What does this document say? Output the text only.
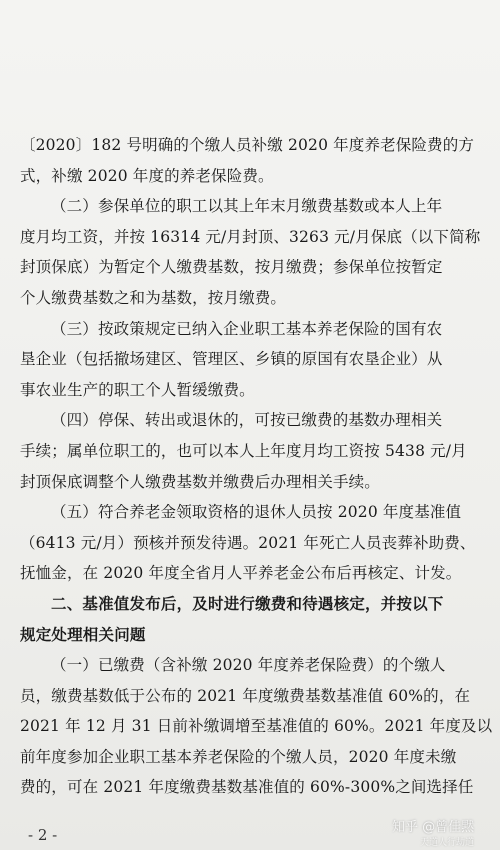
〔2020〕182 号明确的个缴人员补缴 2020 年度养老保险费的方
式，补缴 2020 年度的养老保险费。
（二）参保单位的职工以其上年末月缴费基数或本人上年
度月均工资，并按 16314 元/月封顶、3263 元/月保底（以下简称
封顶保底）为暂定个人缴费基数，按月缴费；参保单位按暂定
个人缴费基数之和为基数，按月缴费。
（三）按政策规定已纳入企业职工基本养老保险的国有农
垦企业（包括撤场建区、管理区、乡镇的原国有农垦企业）从
事农业生产的职工个人暂缓缴费。
（四）停保、转出或退休的，可按已缴费的基数办理相关
手续；属单位职工的，也可以本人上年度月均工资按 5438 元/月
封顶保底调整个人缴费基数并缴费后办理相关手续。
（五）符合养老金领取资格的退休人员按 2020 年度基准值
（6413 元/月）预核并预发待遇。2021 年死亡人员丧葬补助费、
抚恤金，在 2020 年度全省月人平养老金公布后再核定、计发。
二、基准值发布后，及时进行缴费和待遇核定，并按以下
规定处理相关问题
（一）已缴费（含补缴 2020 年度养老保险费）的个缴人
员，缴费基数低于公布的 2021 年度缴费基数基准值 60%的，在
2021 年 12 月 31 日前补缴调增至基准值的 60%。2021 年度及以
前年度参加企业职工基本养老保险的个缴人员，2020 年度未缴
费的，可在 2021 年度缴费基数基准值的 60%-300%之间选择任
- 2 -	知乎 @曾佳黙
天道人行劫道
